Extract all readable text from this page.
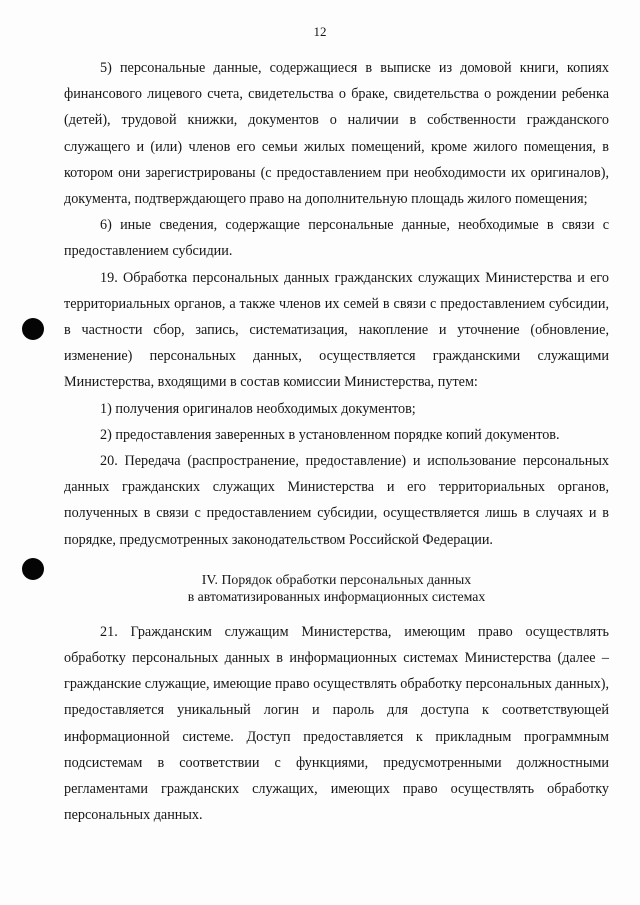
12

5) персональные данные, содержащиеся в выписке из домовой книги, копиях финансового лицевого счета, свидетельства о браке, свидетельства о рождении ребенка (детей), трудовой книжки, документов о наличии в собственности гражданского служащего и (или) членов его семьи жилых помещений, кроме жилого помещения, в котором они зарегистрированы (с предоставлением при необходимости их оригиналов), документа, подтверждающего право на дополнительную площадь жилого помещения;

6) иные сведения, содержащие персональные данные, необходимые в связи с предоставлением субсидии.

19. Обработка персональных данных гражданских служащих Министерства и его территориальных органов, а также членов их семей в связи с предоставлением субсидии, в частности сбор, запись, систематизация, накопление и уточнение (обновление, изменение) персональных данных, осуществляется гражданскими служащими Министерства, входящими в состав комиссии Министерства, путем:

1) получения оригиналов необходимых документов;

2) предоставления заверенных в установленном порядке копий документов.

20. Передача (распространение, предоставление) и использование персональных данных гражданских служащих Министерства и его территориальных органов, полученных в связи с предоставлением субсидии, осуществляется лишь в случаях и в порядке, предусмотренных законодательством Российской Федерации.

IV. Порядок обработки персональных данных
в автоматизированных информационных системах

21. Гражданским служащим Министерства, имеющим право осуществлять обработку персональных данных в информационных системах Министерства (далее – гражданские служащие, имеющие право осуществлять обработку персональных данных), предоставляется уникальный логин и пароль для доступа к соответствующей информационной системе. Доступ предоставляется к прикладным программным подсистемам в соответствии с функциями, предусмотренными должностными регламентами гражданских служащих, имеющих право осуществлять обработку персональных данных.
